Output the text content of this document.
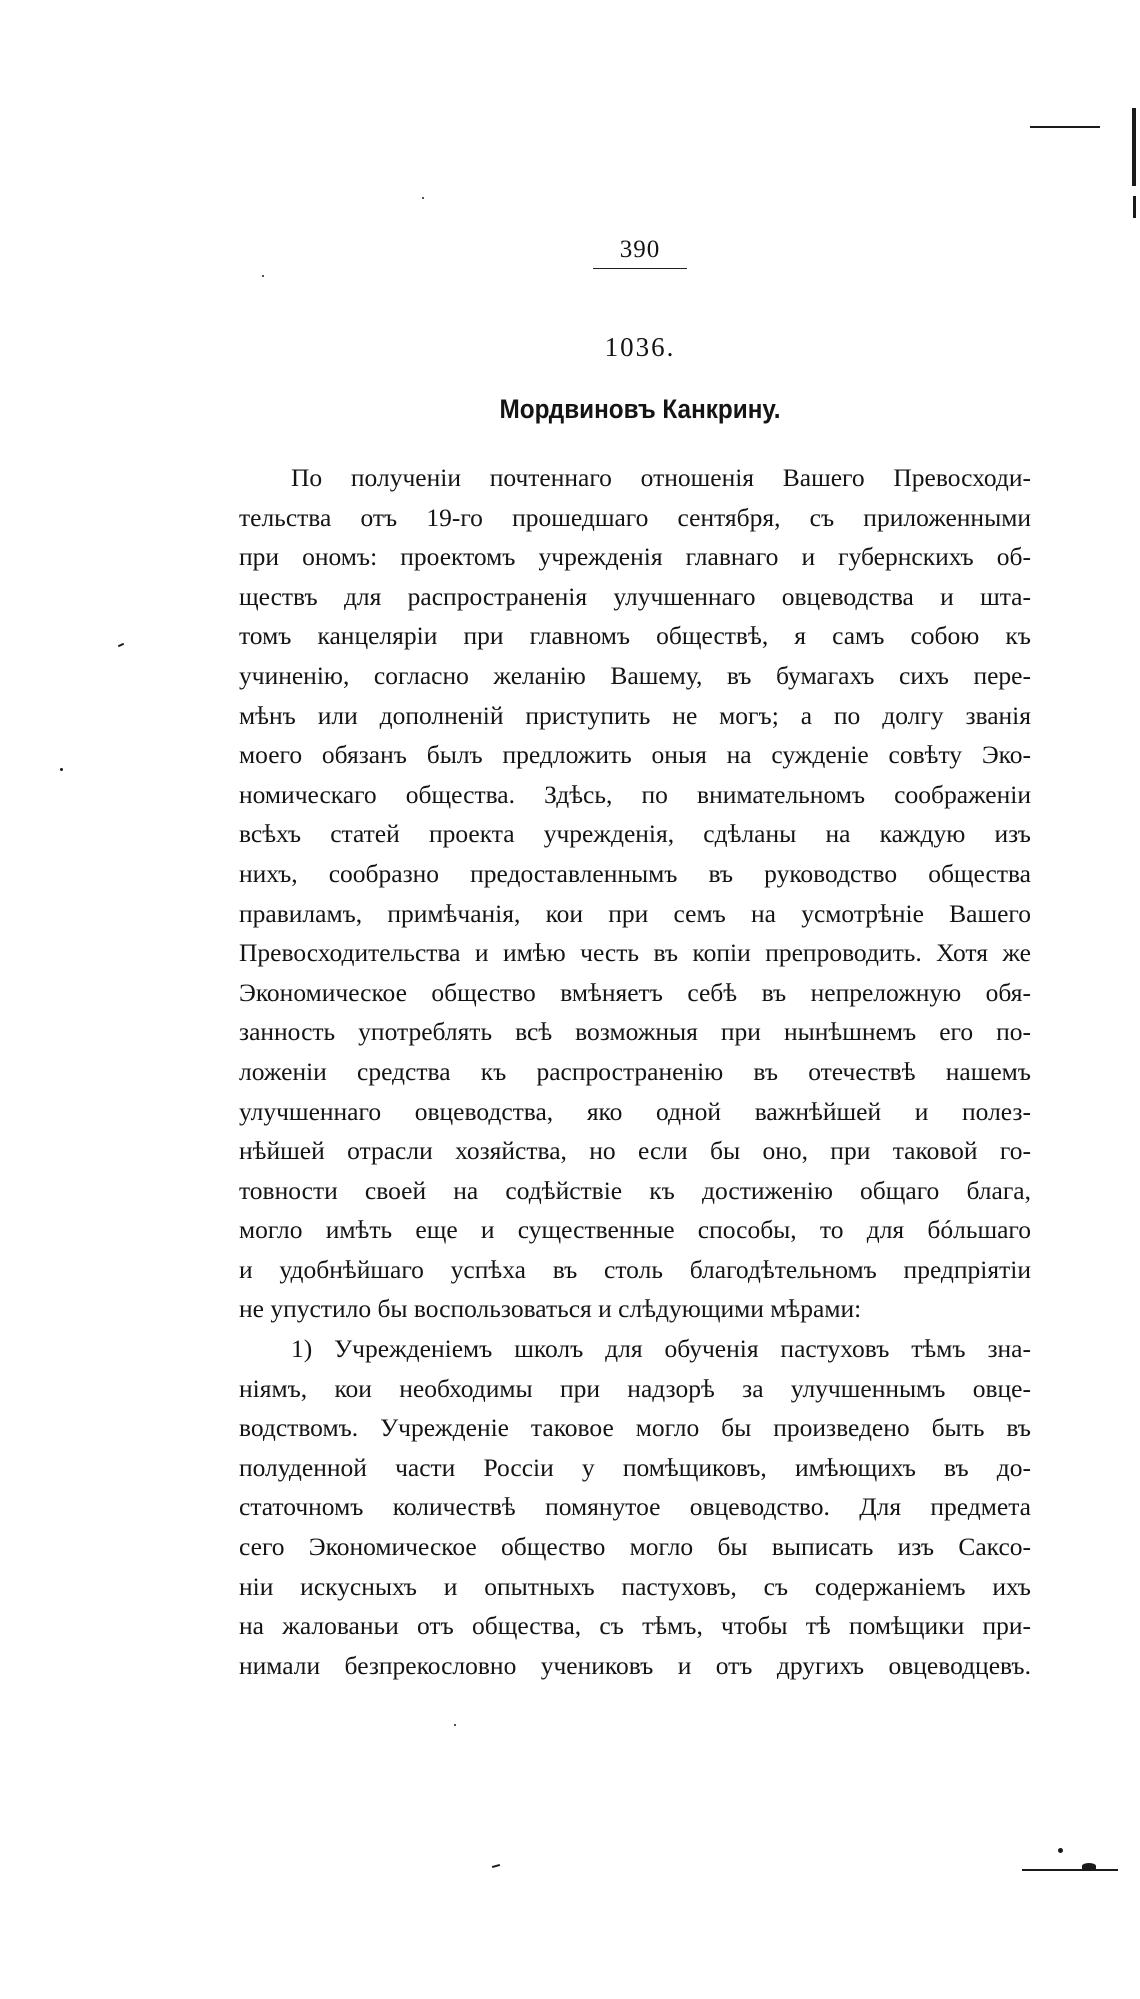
390
1036.
Мордвиновъ Канкрину.
По полученіи почтеннаго отношенія Вашего Превосходи-
тельства отъ 19-го прошедшаго сентября, съ приложенными
при ономъ: проектомъ учрежденія главнаго и губернскихъ об-
ществъ для распространенія улучшеннаго овцеводства и шта-
томъ канцеляріи при главномъ обществѣ, я самъ собою къ
учиненію, согласно желанію Вашему, въ бумагахъ сихъ пере-
мѣнъ или дополненій приступить не могъ; а по долгу званія
моего обязанъ былъ предложить оныя на сужденіе совѣту Эко-
номическаго общества. Здѣсь, по внимательномъ соображеніи
всѣхъ статей проекта учрежденія, сдѣланы на каждую изъ
нихъ, сообразно предоставленнымъ въ руководство общества
правиламъ, примѣчанія, кои при семъ на усмотрѣніе Вашего
Превосходительства и имѣю честь въ копіи препроводить. Хотя же
Экономическое общество вмѣняетъ себѣ въ непреложную обя-
занность употреблять всѣ возможныя при нынѣшнемъ его по-
ложеніи средства къ распространенію въ отечествѣ нашемъ
улучшеннаго овцеводства, яко одной важнѣйшей и полез-
нѣйшей отрасли хозяйства, но если бы оно, при таковой го-
товности своей на содѣйствіе къ достиженію общаго блага,
могло имѣть еще и существенные способы, то для бóльшаго
и удобнѣйшаго успѣха въ столь благодѣтельномъ предпріятіи
не упустило бы воспользоваться и слѣдующими мѣрами:
1) Учрежденіемъ школъ для обученія пастуховъ тѣмъ зна-
ніямъ, кои необходимы при надзорѣ за улучшеннымъ овце-
водствомъ. Учрежденіе таковое могло бы произведено быть въ
полуденной части Россіи у помѣщиковъ, имѣющихъ въ до-
статочномъ количествѣ помянутое овцеводство. Для предмета
сего Экономическое общество могло бы выписать изъ Саксо-
ніи искусныхъ и опытныхъ пастуховъ, съ содержаніемъ ихъ
на жалованьи отъ общества, съ тѣмъ, чтобы тѣ помѣщики при-
нимали безпрекословно учениковъ и отъ другихъ овцеводцевъ.
